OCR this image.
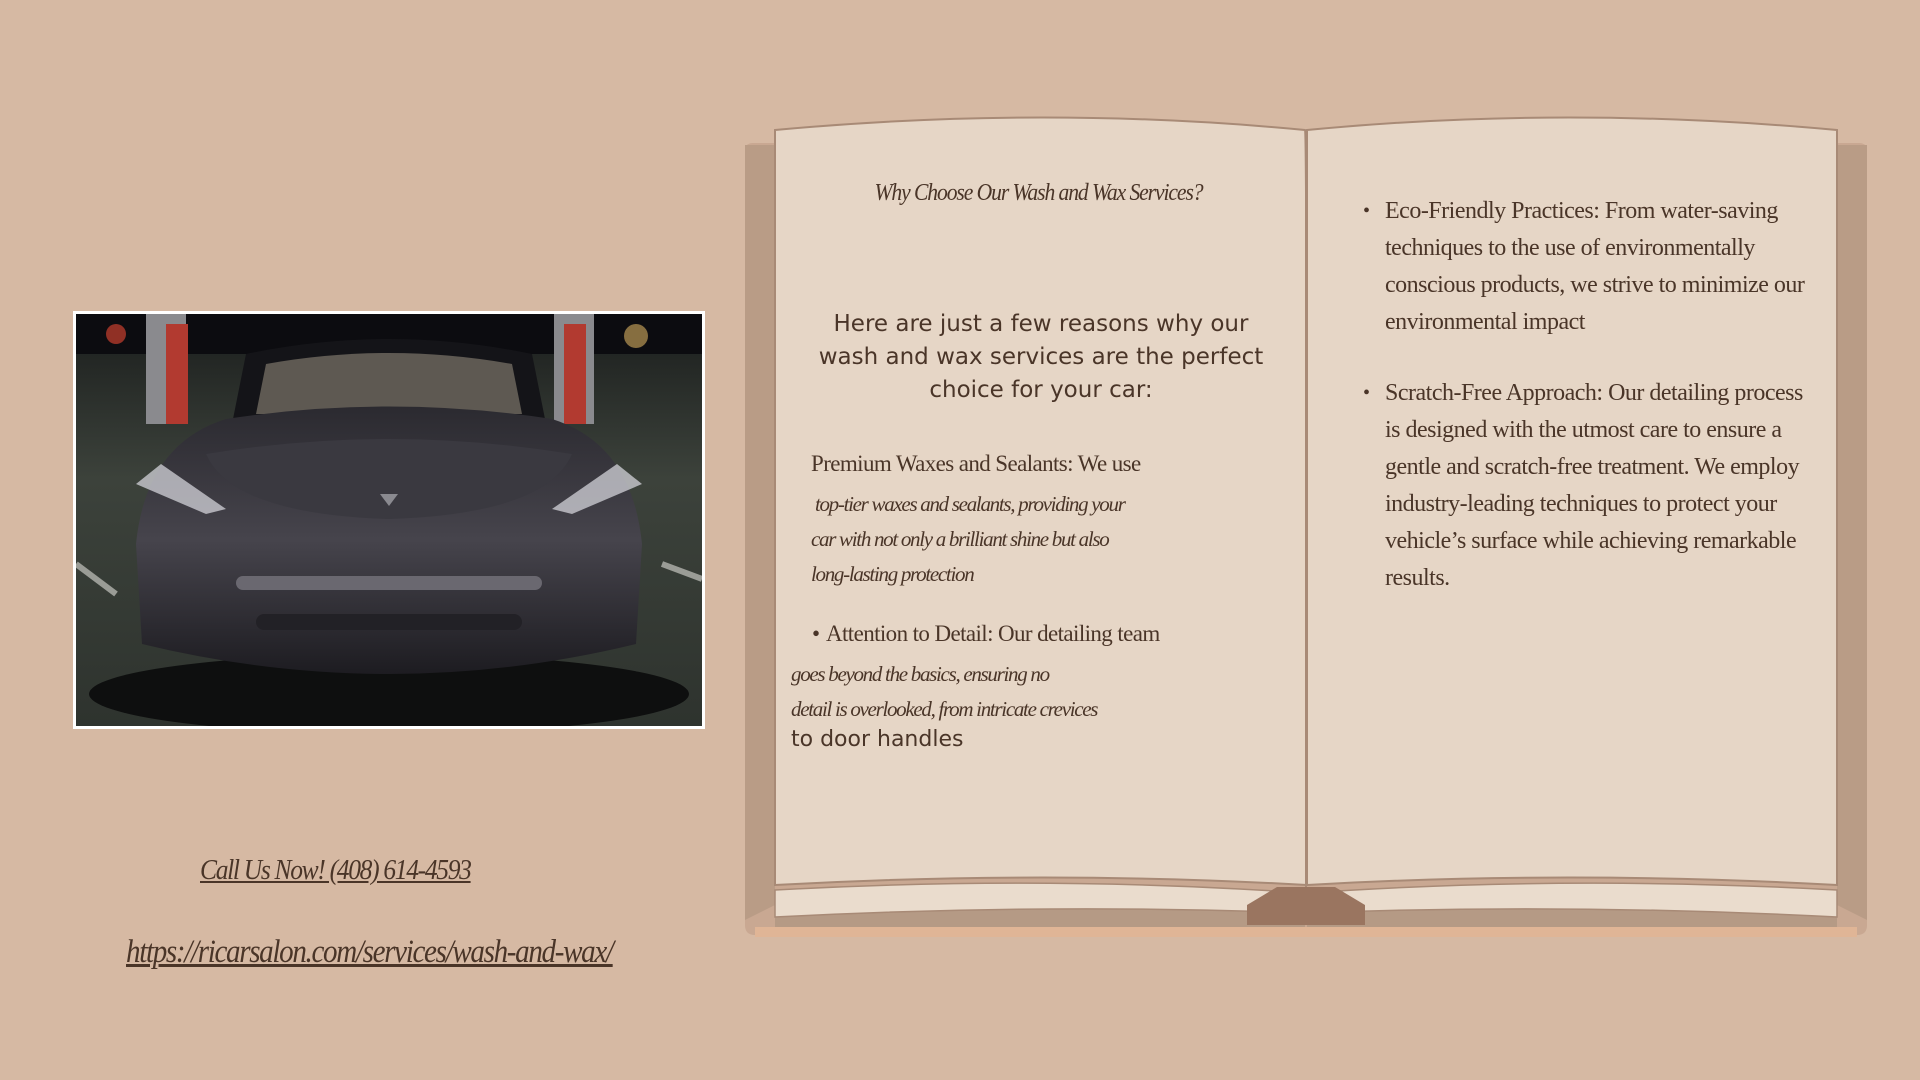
Call Us Now! (408) 614-4593
https://ricarsalon.com/services/wash-and-wax/
Why Choose Our Wash and Wax Services?
Here are just a few reasons why our wash and wax services are the perfect choice for your car:
Premium Waxes and Sealants: We use
top-tier waxes and sealants, providing your
car with not only a brilliant shine but also
long-lasting protection
• Attention to Detail: Our detailing team
goes beyond the basics, ensuring no
detail is overlooked, from intricate crevices
to door handles
• Eco-Friendly Practices: From water-saving techniques to the use of environmentally conscious products, we strive to minimize our environmental impact
• Scratch-Free Approach: Our detailing process is designed with the utmost care to ensure a gentle and scratch-free treatment. We employ industry-leading techniques to protect your vehicle’s surface while achieving remarkable results.
